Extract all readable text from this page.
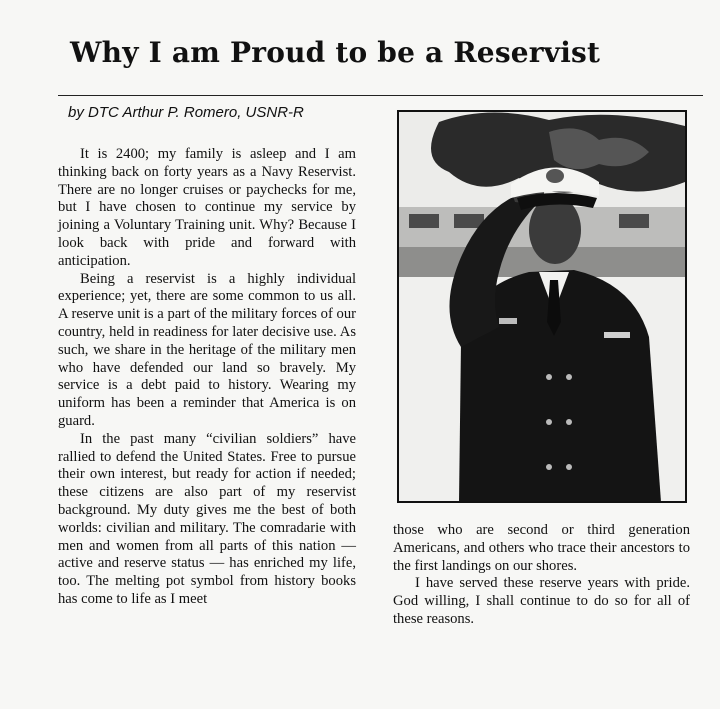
Why I am Proud to be a Reservist
by DTC Arthur P. Romero, USNR-R

It is 2400; my family is asleep and I am thinking back on forty years as a Navy Reservist. There are no longer cruises or paychecks for me, but I have chosen to continue my service by joining a Voluntary Training unit. Why? Because I look back with pride and forward with anticipation.

Being a reservist is a highly individual experience; yet, there are some common to us all. A reserve unit is a part of the military forces of our country, held in readiness for later decisive use. As such, we share in the heritage of the military men who have defended our land so bravely. My service is a debt paid to history. Wearing my uniform has been a reminder that America is on guard.

In the past many “civilian soldiers” have rallied to defend the United States. Free to pursue their own interest, but ready for action if needed; these citizens are also part of my reservist background. My duty gives me the best of both worlds: civilian and military. The comradarie with men and women from all parts of this nation — active and reserve status — has enriched my life, too. The melting pot symbol from history books has come to life as I meet

those who are second or third generation Americans, and others who trace their ancestors to the first landings on our shores.

I have served these reserve years with pride. God willing, I shall continue to do so for all of these reasons.
